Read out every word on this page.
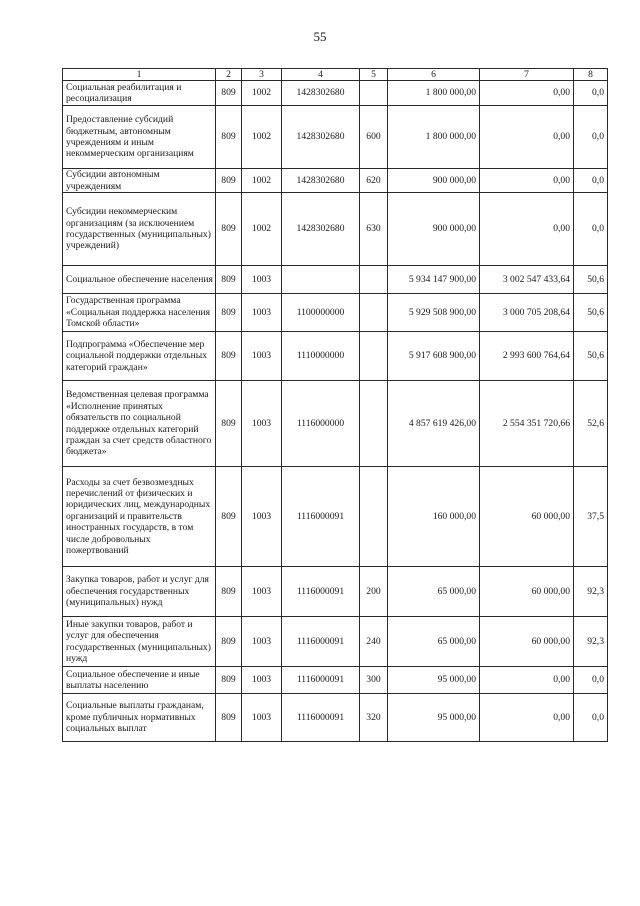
55
1	2	3	4	5	6	7	8
Социальная реабилитация и ресоциализация	809	1002	1428302680		1 800 000,00	0,00	0,0
Предоставление субсидий бюджетным, автономным учреждениям и иным некоммерческим организациям	809	1002	1428302680	600	1 800 000,00	0,00	0,0
Субсидии автономным учреждениям	809	1002	1428302680	620	900 000,00	0,00	0,0
Субсидии некоммерческим организациям (за исключением государственных (муниципальных) учреждений)	809	1002	1428302680	630	900 000,00	0,00	0,0
Социальное обеспечение населения	809	1003			5 934 147 900,00	3 002 547 433,64	50,6
Государственная программа «Социальная поддержка населения Томской области»	809	1003	1100000000		5 929 508 900,00	3 000 705 208,64	50,6
Подпрограмма «Обеспечение мер социальной поддержки отдельных категорий граждан»	809	1003	1110000000		5 917 608 900,00	2 993 600 764,64	50,6
Ведомственная целевая программа «Исполнение принятых обязательств по социальной поддержке отдельных категорий граждан за счет средств областного бюджета»	809	1003	1116000000		4 857 619 426,00	2 554 351 720,66	52,6
Расходы за счет безвозмездных перечислений от физических и юридических лиц, международных организаций и правительств иностранных государств, в том числе добровольных пожертвований	809	1003	1116000091		160 000,00	60 000,00	37,5
Закупка товаров, работ и услуг для обеспечения государственных (муниципальных) нужд	809	1003	1116000091	200	65 000,00	60 000,00	92,3
Иные закупки товаров, работ и услуг для обеспечения государственных (муниципальных) нужд	809	1003	1116000091	240	65 000,00	60 000,00	92,3
Социальное обеспечение и иные выплаты населению	809	1003	1116000091	300	95 000,00	0,00	0,0
Социальные выплаты гражданам, кроме публичных нормативных социальных выплат	809	1003	1116000091	320	95 000,00	0,00	0,0
